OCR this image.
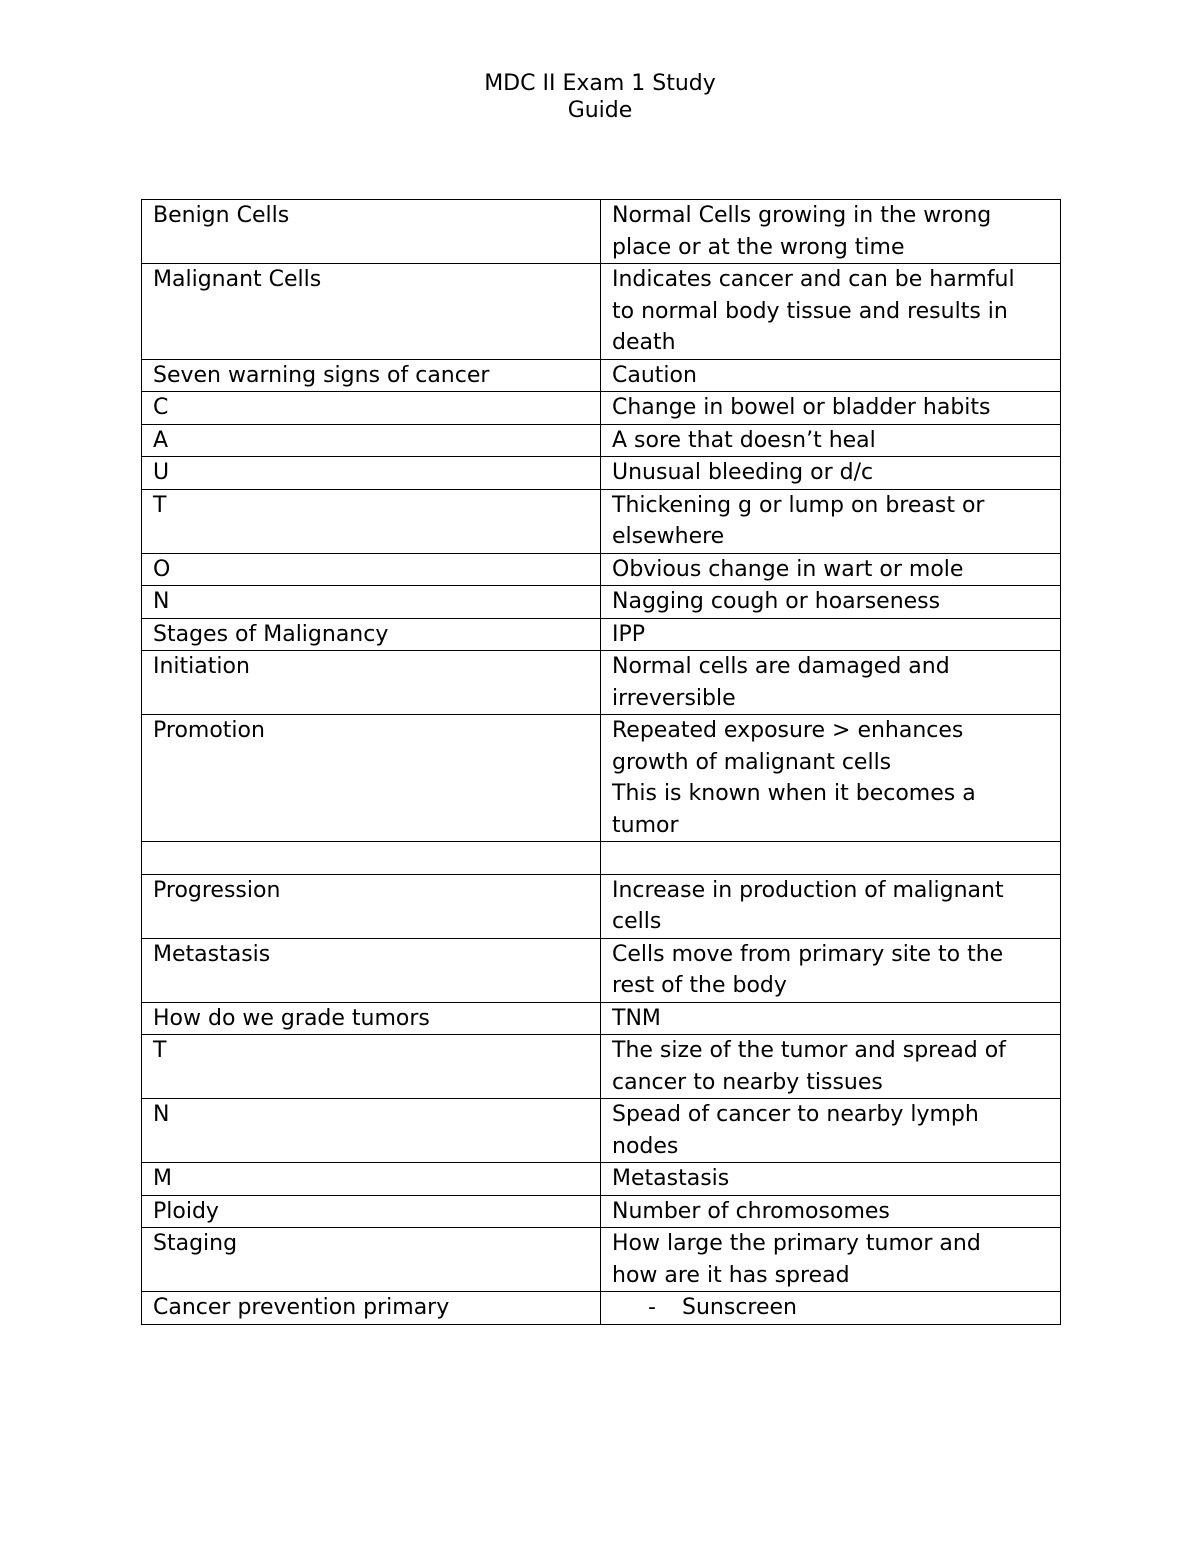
MDC II Exam 1 Study
Guide
Benign Cells	Normal Cells growing in the wrong
place or at the wrong time
Malignant Cells	Indicates cancer and can be harmful
to normal body tissue and results in
death
Seven warning signs of cancer	Caution

C	Change in bowel or bladder habits
A	A sore that doesn’t heal
U	Unusual bleeding or d/c
T	Thickening g or lump on breast or
elsewhere
O	Obvious change in wart or mole
N	Nagging cough or hoarseness
Stages of Malignancy	IPP
Initiation	Normal cells are damaged and
irreversible
Promotion	Repeated exposure > enhances
growth of malignant cells
This is known when it becomes a
tumor

Progression	Increase in production of malignant
cells
Metastasis	Cells move from primary site to the
rest of the body
How do we grade tumors	TNM
T	The size of the tumor and spread of
cancer to nearby tissues

N	Spead of cancer to nearby lymph
nodes
M	Metastasis
Ploidy	Number of chromosomes
Staging	How large the primary tumor and
how are it has spread
Cancer prevention primary	- Sunscreen
